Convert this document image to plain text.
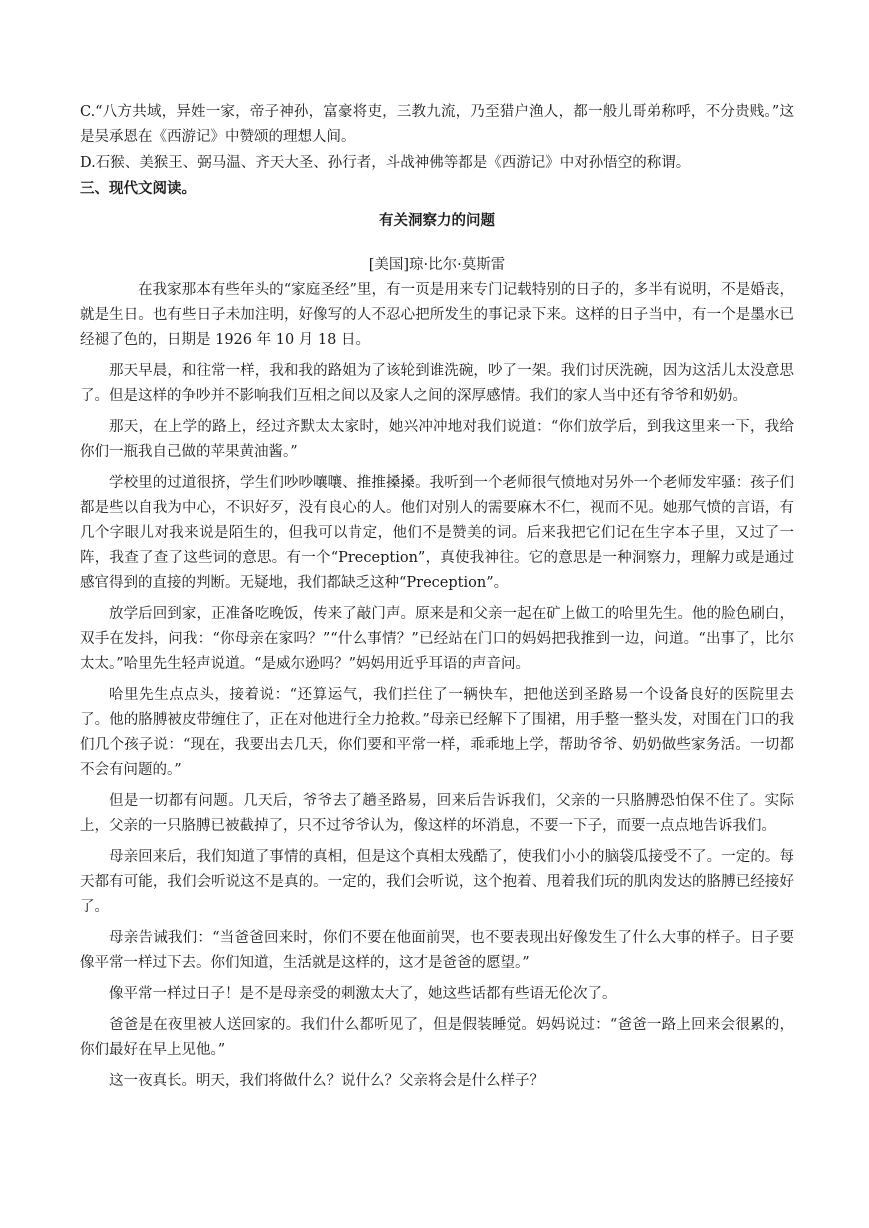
C.“八方共域，异姓一家，帝子神孙，富豪将吏，三教九流，乃至猎户渔人，都一般儿哥弟称呼，不分贵贱。”这是吴承恩在《西游记》中赞颂的理想人间。

D.石猴、美猴王、弼马温、齐天大圣、孙行者，斗战神佛等都是《西游记》中对孙悟空的称谓。

三、现代文阅读。

有关洞察力的问题

[美国]琼·比尔·莫斯雷

在我家那本有些年头的“家庭圣经”里，有一页是用来专门记载特别的日子的，多半有说明，不是婚丧，就是生日。也有些日子未加注明，好像写的人不忍心把所发生的事记录下来。这样的日子当中，有一个是墨水已经褪了色的，日期是 1926 年 10 月 18 日。

那天早晨，和往常一样，我和我的路姐为了该轮到谁洗碗，吵了一架。我们讨厌洗碗，因为这活儿太没意思了。但是这样的争吵并不影响我们互相之间以及家人之间的深厚感情。我们的家人当中还有爷爷和奶奶。

那天，在上学的路上，经过齐默太太家时，她兴冲冲地对我们说道：“你们放学后，到我这里来一下，我给你们一瓶我自己做的苹果黄油酱。”

学校里的过道很挤，学生们吵吵嚷嚷、推推搡搡。我听到一个老师很气愤地对另外一个老师发牢骚：孩子们都是些以自我为中心，不识好歹，没有良心的人。他们对别人的需要麻木不仁，视而不见。她那气愤的言语，有几个字眼儿对我来说是陌生的，但我可以肯定，他们不是赞美的词。后来我把它们记在生字本子里，又过了一阵，我查了查了这些词的意思。有一个“Preception”，真使我神往。它的意思是一种洞察力，理解力或是通过感官得到的直接的判断。无疑地，我们都缺乏这种“Preception”。

放学后回到家，正准备吃晚饭，传来了敲门声。原来是和父亲一起在矿上做工的哈里先生。他的脸色刷白，双手在发抖，问我：“你母亲在家吗？”“什么事情？”已经站在门口的妈妈把我推到一边，问道。“出事了，比尔太太。”哈里先生轻声说道。“是威尔逊吗？”妈妈用近乎耳语的声音问。

哈里先生点点头，接着说：“还算运气，我们拦住了一辆快车，把他送到圣路易一个设备良好的医院里去了。他的胳膊被皮带缠住了，正在对他进行全力抢救。”母亲已经解下了围裙，用手整一整头发，对围在门口的我们几个孩子说：“现在，我要出去几天，你们要和平常一样，乖乖地上学，帮助爷爷、奶奶做些家务活。一切都不会有问题的。”

但是一切都有问题。几天后，爷爷去了趟圣路易，回来后告诉我们，父亲的一只胳膊恐怕保不住了。实际上，父亲的一只胳膊已被截掉了，只不过爷爷认为，像这样的坏消息，不要一下子，而要一点点地告诉我们。

母亲回来后，我们知道了事情的真相，但是这个真相太残酷了，使我们小小的脑袋瓜接受不了。一定的。每天都有可能，我们会听说这不是真的。一定的，我们会听说，这个抱着、甩着我们玩的肌肉发达的胳膊已经接好了。

母亲告诫我们：“当爸爸回来时，你们不要在他面前哭，也不要表现出好像发生了什么大事的样子。日子要像平常一样过下去。你们知道，生活就是这样的，这才是爸爸的愿望。”

像平常一样过日子！是不是母亲受的刺激太大了，她这些话都有些语无伦次了。

爸爸是在夜里被人送回家的。我们什么都听见了，但是假装睡觉。妈妈说过：“爸爸一路上回来会很累的，你们最好在早上见他。”

这一夜真长。明天，我们将做什么？说什么？父亲将会是什么样子？
